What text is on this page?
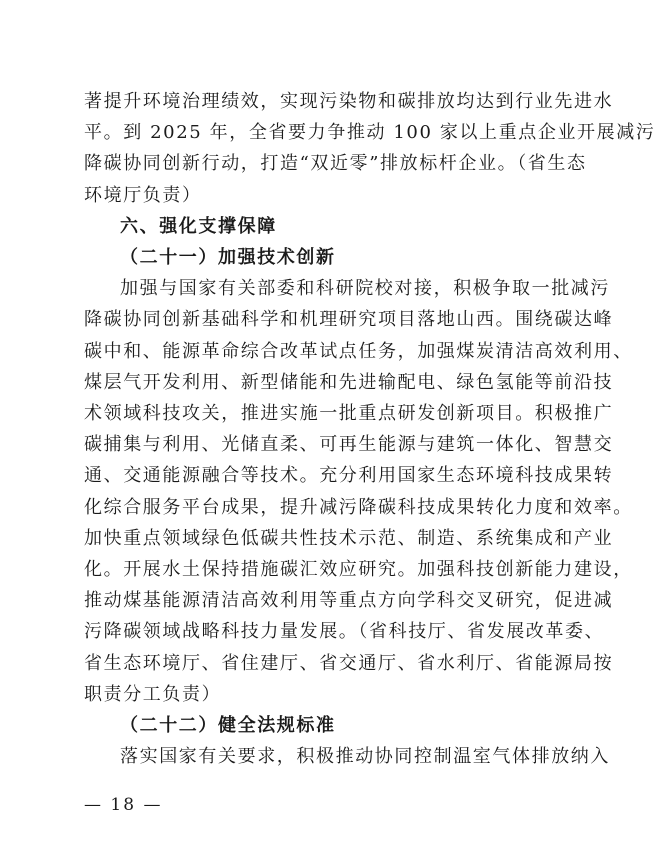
著提升环境治理绩效，实现污染物和碳排放均达到行业先进水
平。到 2025 年，全省要力争推动 100 家以上重点企业开展减污
降碳协同创新行动，打造“双近零”排放标杆企业。（省生态
环境厅负责）
六、强化支撑保障
（二十一）加强技术创新
加强与国家有关部委和科研院校对接，积极争取一批减污
降碳协同创新基础科学和机理研究项目落地山西。围绕碳达峰
碳中和、能源革命综合改革试点任务，加强煤炭清洁高效利用、
煤层气开发利用、新型储能和先进输配电、绿色氢能等前沿技
术领域科技攻关，推进实施一批重点研发创新项目。积极推广
碳捕集与利用、光储直柔、可再生能源与建筑一体化、智慧交
通、交通能源融合等技术。充分利用国家生态环境科技成果转
化综合服务平台成果，提升减污降碳科技成果转化力度和效率。
加快重点领域绿色低碳共性技术示范、制造、系统集成和产业
化。开展水土保持措施碳汇效应研究。加强科技创新能力建设，
推动煤基能源清洁高效利用等重点方向学科交叉研究，促进减
污降碳领域战略科技力量发展。（省科技厅、省发展改革委、
省生态环境厅、省住建厅、省交通厅、省水利厅、省能源局按
职责分工负责）
（二十二）健全法规标准
落实国家有关要求，积极推动协同控制温室气体排放纳入
— 18 —
